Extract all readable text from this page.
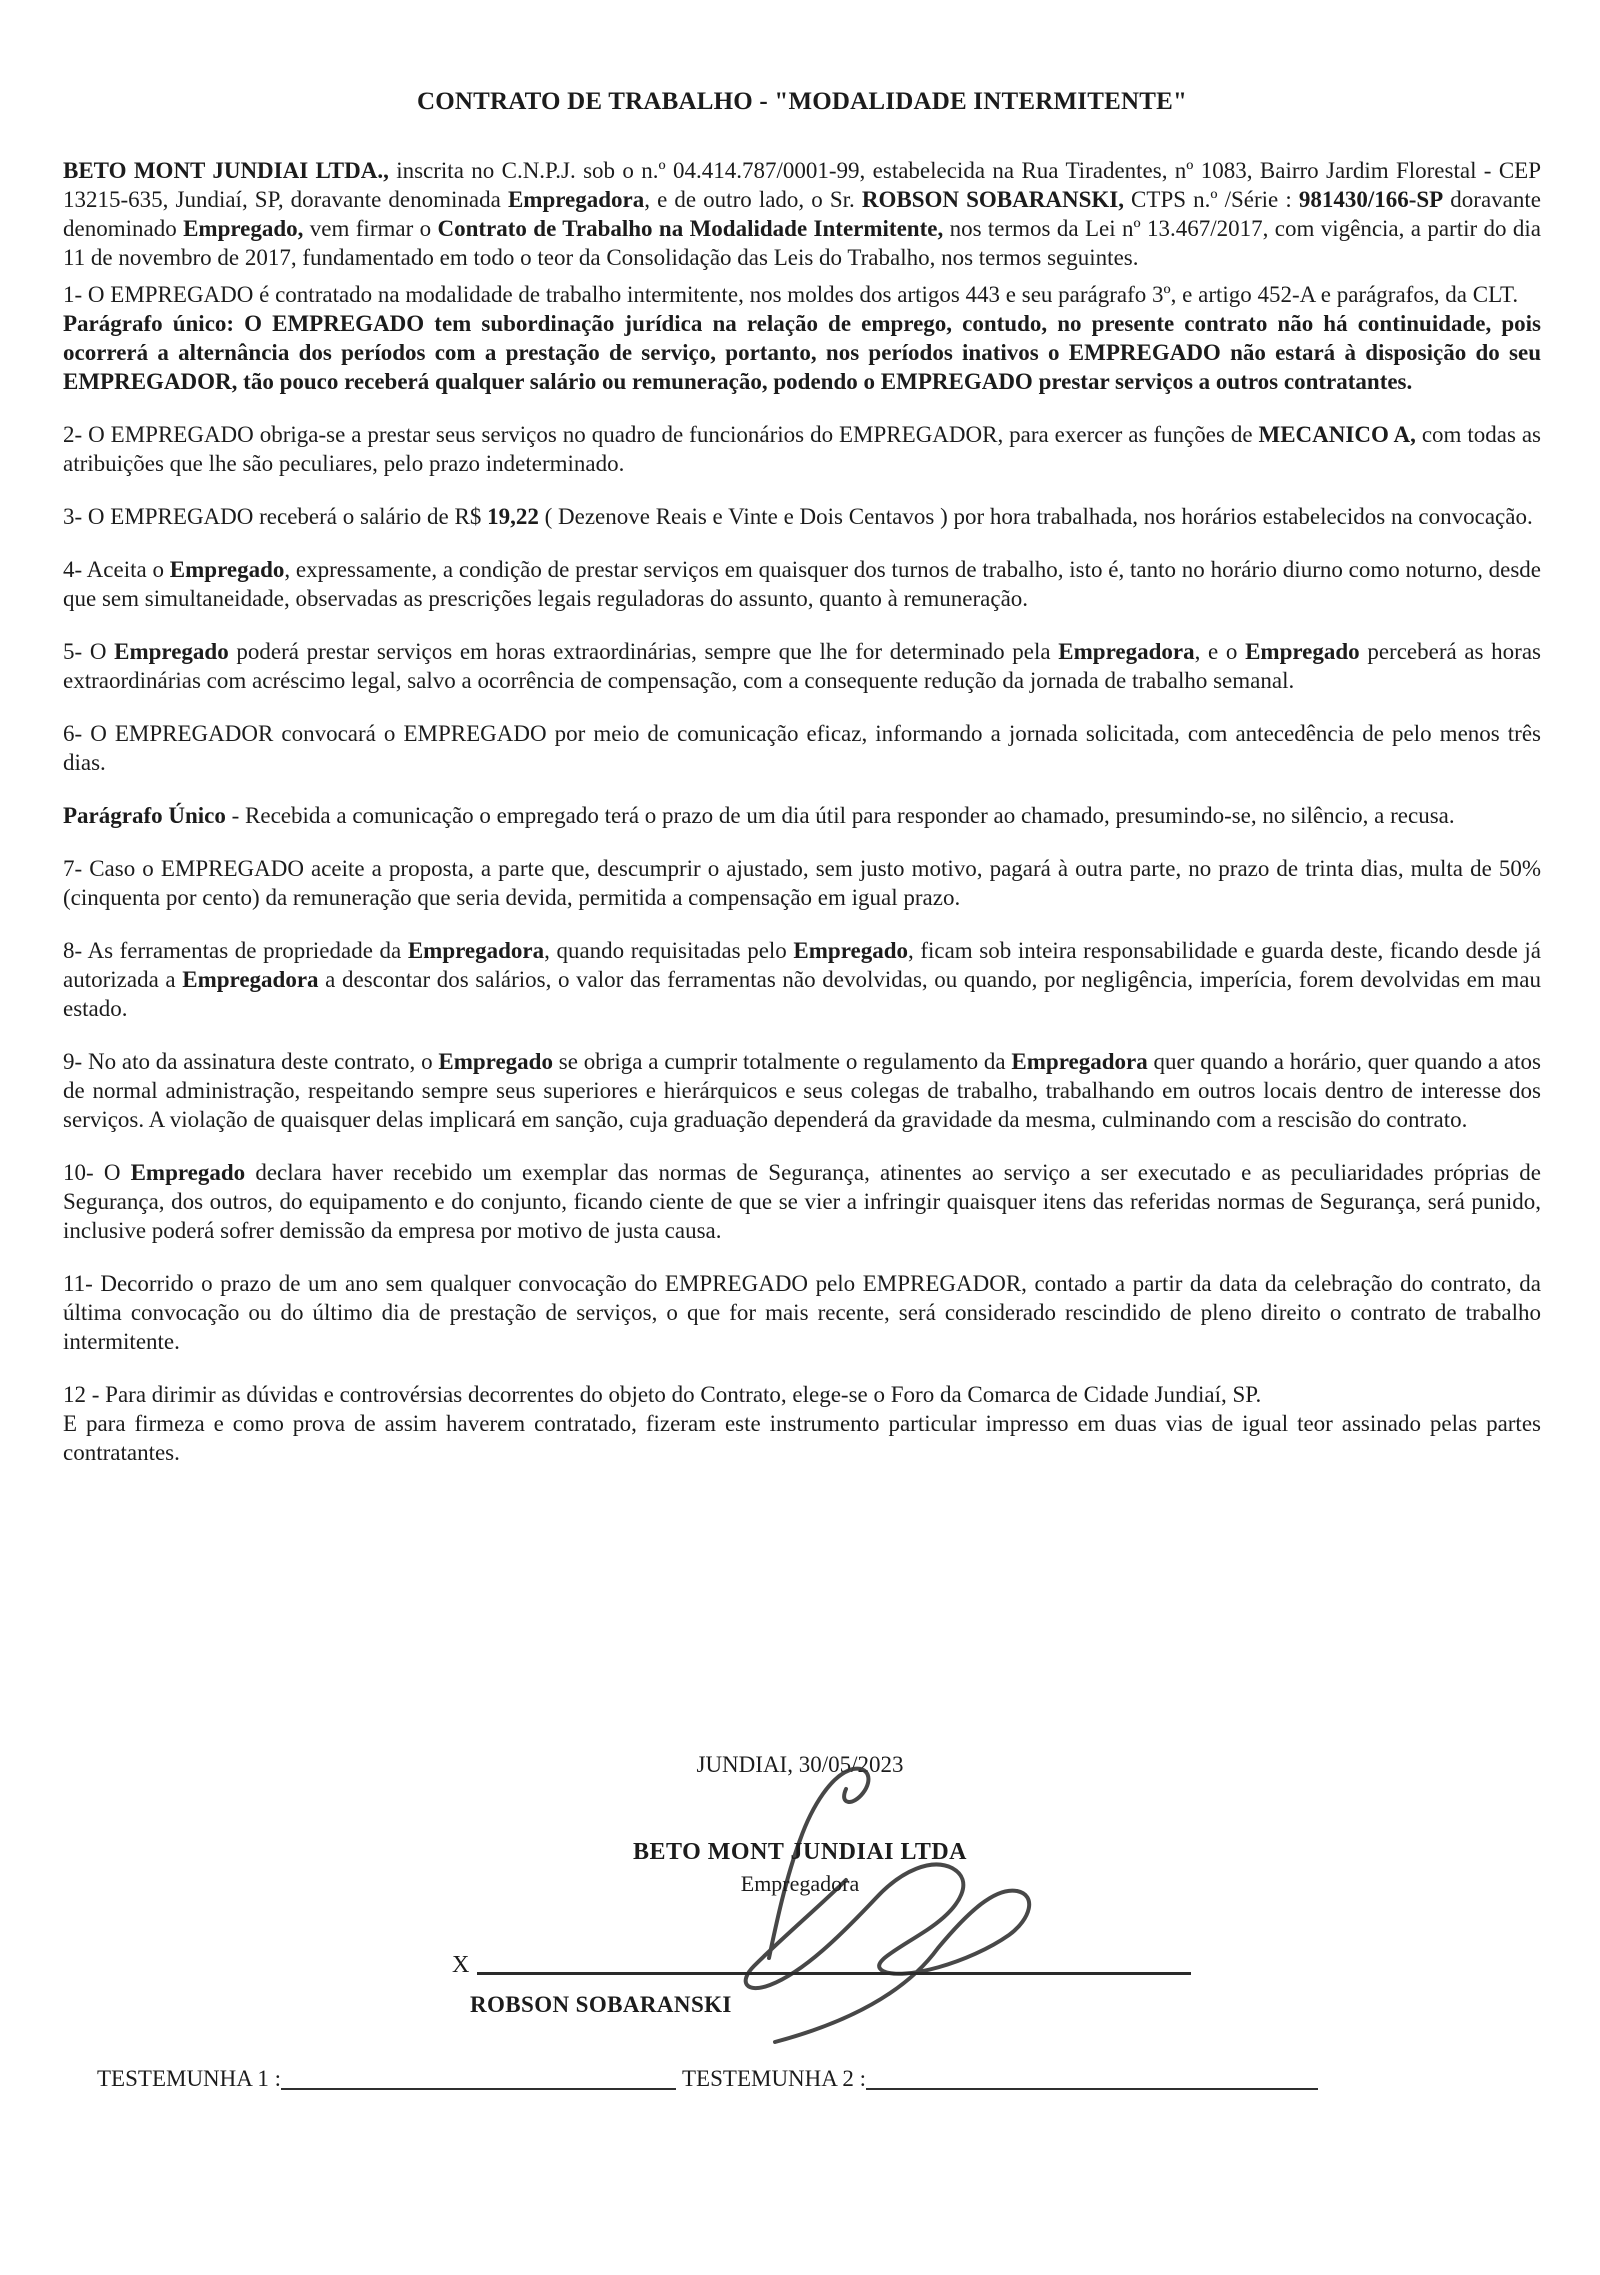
CONTRATO DE TRABALHO - "MODALIDADE INTERMITENTE"

BETO MONT JUNDIAI LTDA., inscrita no C.N.P.J. sob o n.º 04.414.787/0001-99, estabelecida na Rua Tiradentes, nº 1083, Bairro Jardim Florestal - CEP 13215-635, Jundiaí, SP, doravante denominada Empregadora, e de outro lado, o Sr. ROBSON SOBARANSKI, CTPS n.º /Série : 981430/166-SP doravante denominado Empregado, vem firmar o Contrato de Trabalho na Modalidade Intermitente, nos termos da Lei nº 13.467/2017, com vigência, a partir do dia 11 de novembro de 2017, fundamentado em todo o teor da Consolidação das Leis do Trabalho, nos termos seguintes.

1- O EMPREGADO é contratado na modalidade de trabalho intermitente, nos moldes dos artigos 443 e seu parágrafo 3º, e artigo 452-A e parágrafos, da CLT.

Parágrafo único: O EMPREGADO tem subordinação jurídica na relação de emprego, contudo, no presente contrato não há continuidade, pois ocorrerá a alternância dos períodos com a prestação de serviço, portanto, nos períodos inativos o EMPREGADO não estará à disposição do seu EMPREGADOR, tão pouco receberá qualquer salário ou remuneração, podendo o EMPREGADO prestar serviços a outros contratantes.

2- O EMPREGADO obriga-se a prestar seus serviços no quadro de funcionários do EMPREGADOR, para exercer as funções de MECANICO A, com todas as atribuições que lhe são peculiares, pelo prazo indeterminado.

3- O EMPREGADO receberá o salário de R$ 19,22 ( Dezenove Reais e Vinte e Dois Centavos ) por hora trabalhada, nos horários estabelecidos na convocação.

4- Aceita o Empregado, expressamente, a condição de prestar serviços em quaisquer dos turnos de trabalho, isto é, tanto no horário diurno como noturno, desde que sem simultaneidade, observadas as prescrições legais reguladoras do assunto, quanto à remuneração.

5- O Empregado poderá prestar serviços em horas extraordinárias, sempre que lhe for determinado pela Empregadora, e o Empregado perceberá as horas extraordinárias com acréscimo legal, salvo a ocorrência de compensação, com a consequente redução da jornada de trabalho semanal.

6- O EMPREGADOR convocará o EMPREGADO por meio de comunicação eficaz, informando a jornada solicitada, com antecedência de pelo menos três dias.

Parágrafo Único - Recebida a comunicação o empregado terá o prazo de um dia útil para responder ao chamado, presumindo-se, no silêncio, a recusa.

7- Caso o EMPREGADO aceite a proposta, a parte que, descumprir o ajustado, sem justo motivo, pagará à outra parte, no prazo de trinta dias, multa de 50% (cinquenta por cento) da remuneração que seria devida, permitida a compensação em igual prazo.

8- As ferramentas de propriedade da Empregadora, quando requisitadas pelo Empregado, ficam sob inteira responsabilidade e guarda deste, ficando desde já autorizada a Empregadora a descontar dos salários, o valor das ferramentas não devolvidas, ou quando, por negligência, imperícia, forem devolvidas em mau estado.

9- No ato da assinatura deste contrato, o Empregado se obriga a cumprir totalmente o regulamento da Empregadora quer quando a horário, quer quando a atos de normal administração, respeitando sempre seus superiores e hierárquicos e seus colegas de trabalho, trabalhando em outros locais dentro de interesse dos serviços. A violação de quaisquer delas implicará em sanção, cuja graduação dependerá da gravidade da mesma, culminando com a rescisão do contrato.

10- O Empregado declara haver recebido um exemplar das normas de Segurança, atinentes ao serviço a ser executado e as peculiaridades próprias de Segurança, dos outros, do equipamento e do conjunto, ficando ciente de que se vier a infringir quaisquer itens das referidas normas de Segurança, será punido, inclusive poderá sofrer demissão da empresa por motivo de justa causa.

11- Decorrido o prazo de um ano sem qualquer convocação do EMPREGADO pelo EMPREGADOR, contado a partir da data da celebração do contrato, da última convocação ou do último dia de prestação de serviços, o que for mais recente, será considerado rescindido de pleno direito o contrato de trabalho intermitente.

12 - Para dirimir as dúvidas e controvérsias decorrentes do objeto do Contrato, elege-se o Foro da Comarca de Cidade Jundiaí, SP.

E para firmeza e como prova de assim haverem contratado, fizeram este instrumento particular impresso em duas vias de igual teor assinado pelas partes contratantes.

JUNDIAI, 30/05/2023
BETO MONT JUNDIAI LTDA
Empregadora
X
ROBSON SOBARANSKI
TESTEMUNHA 1 :	TESTEMUNHA 2 :
